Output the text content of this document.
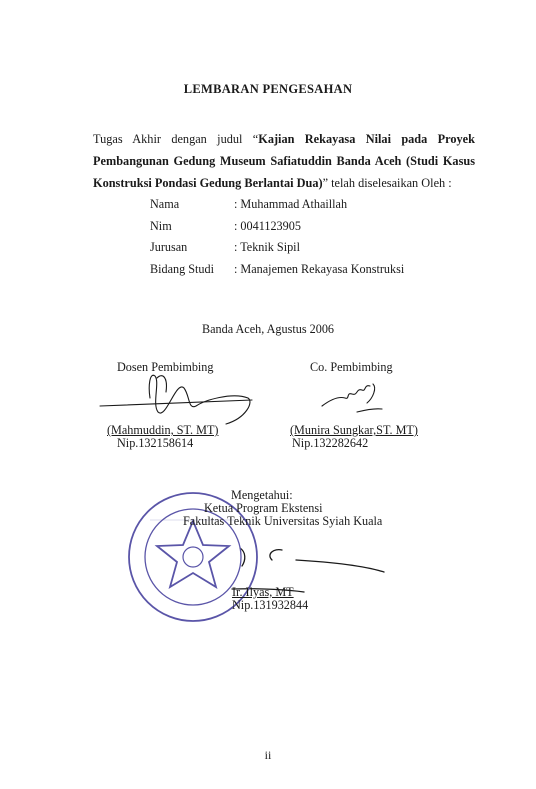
LEMBARAN PENGESAHAN
Tugas Akhir dengan judul “Kajian Rekayasa Nilai pada Proyek Pembangunan Gedung Museum Safiatuddin Banda Aceh (Studi Kasus Konstruksi Pondasi Gedung Berlantai Dua)” telah diselesaikan Oleh :
Nama	: Muhammad Athaillah
Nim	: 0041123905
Jurusan	: Teknik Sipil
Bidang Studi	: Manajemen Rekayasa Konstruksi
Banda Aceh, Agustus 2006
Dosen Pembimbing	Co. Pembimbing
(Mahmuddin, ST. MT)
Nip.132158614
(Munira Sungkar,ST. MT)
Nip.132282642
Mengetahui:
Ketua Program Ekstensi
Fakultas Teknik Universitas Syiah Kuala
Ir. Ilyas, MT
Nip.131932844
ii
